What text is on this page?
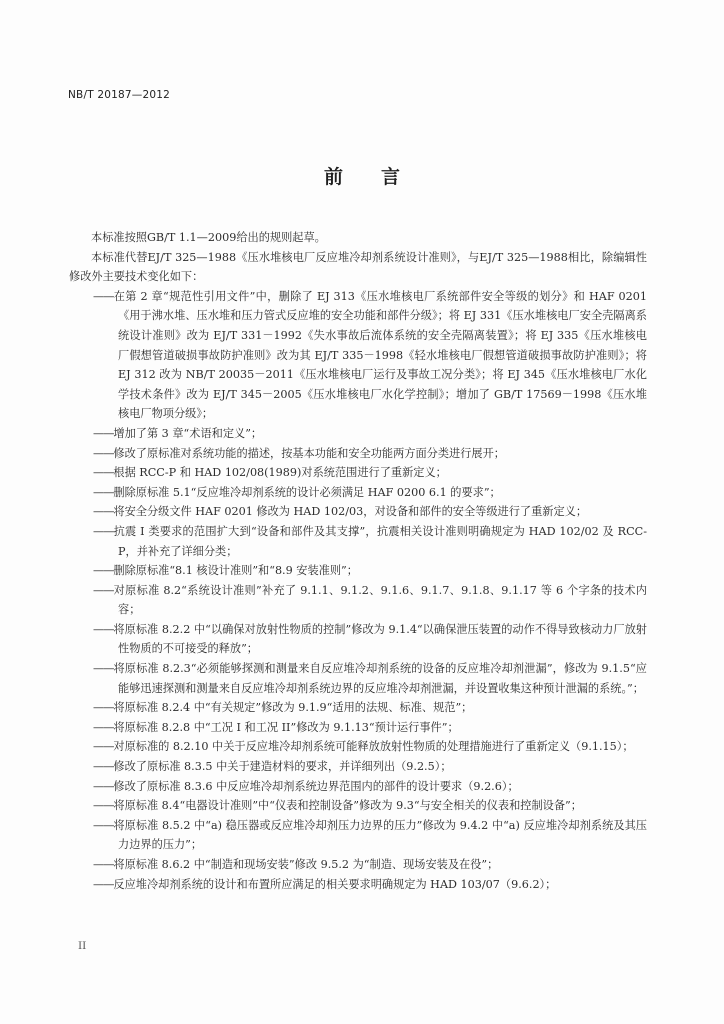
NB/T 20187—2012
前 言

本标准按照GB/T 1.1—2009给出的规则起草。

本标准代替EJ/T 325—1988《压水堆核电厂反应堆冷却剂系统设计准则》，与EJ/T 325—1988相比，除编辑性修改外主要技术变化如下：

——在第 2 章“规范性引用文件”中，删除了 EJ 313《压水堆核电厂系统部件安全等级的划分》和 HAF 0201《用于沸水堆、压水堆和压力管式反应堆的安全功能和部件分级》；将 EJ 331《压水堆核电厂安全壳隔离系统设计准则》改为 EJ/T 331－1992《失水事故后流体系统的安全壳隔离装置》；将 EJ 335《压水堆核电厂假想管道破损事故防护准则》改为其 EJ/T 335－1998《轻水堆核电厂假想管道破损事故防护准则》；将 EJ 312 改为 NB/T 20035－2011《压水堆核电厂运行及事故工况分类》；将 EJ 345《压水堆核电厂水化学技术条件》改为 EJ/T 345－2005《压水堆核电厂水化学控制》；增加了 GB/T 17569－1998《压水堆核电厂物项分级》；

——增加了第 3 章“术语和定义”；

——修改了原标准对系统功能的描述，按基本功能和安全功能两方面分类进行展开；

——根据 RCC-P 和 HAD 102/08(1989)对系统范围进行了重新定义；

——删除原标准 5.1“反应堆冷却剂系统的设计必须满足 HAF 0200 6.1 的要求”；

——将安全分级文件 HAF 0201 修改为 HAD 102/03，对设备和部件的安全等级进行了重新定义；

——抗震 I 类要求的范围扩大到“设备和部件及其支撑”，抗震相关设计准则明确规定为 HAD 102/02 及 RCC-P，并补充了详细分类；

——删除原标准“8.1 核设计准则”和“8.9 安装准则”；

——对原标准 8.2“系统设计准则”补充了 9.1.1、9.1.2、9.1.6、9.1.7、9.1.8、9.1.17 等 6 个字条的技术内容；

——将原标准 8.2.2 中“以确保对放射性物质的控制”修改为 9.1.4“以确保泄压装置的动作不得导致核动力厂放射性物质的不可接受的释放”；

——将原标准 8.2.3“必须能够探测和测量来自反应堆冷却剂系统的设备的反应堆冷却剂泄漏”，修改为 9.1.5“应能够迅速探测和测量来自反应堆冷却剂系统边界的反应堆冷却剂泄漏，并设置收集这种预计泄漏的系统。”；

——将原标准 8.2.4 中“有关规定”修改为 9.1.9“适用的法规、标准、规范”；

——将原标准 8.2.8 中“工况 I 和工况 II”修改为 9.1.13“预计运行事件”；

——对原标准的 8.2.10 中关于反应堆冷却剂系统可能释放放射性物质的处理措施进行了重新定义（9.1.15）；

——修改了原标准 8.3.5 中关于建造材料的要求，并详细列出（9.2.5）；

——修改了原标准 8.3.6 中反应堆冷却剂系统边界范围内的部件的设计要求（9.2.6）；

——将原标准 8.4“电器设计准则”中“仪表和控制设备”修改为 9.3“与安全相关的仪表和控制设备”；

——将原标准 8.5.2 中“a) 稳压器或反应堆冷却剂压力边界的压力”修改为 9.4.2 中“a) 反应堆冷却剂系统及其压力边界的压力”；

——将原标准 8.6.2 中“制造和现场安装”修改 9.5.2 为“制造、现场安装及在役”；

——反应堆冷却剂系统的设计和布置所应满足的相关要求明确规定为 HAD 103/07（9.6.2）；

II
